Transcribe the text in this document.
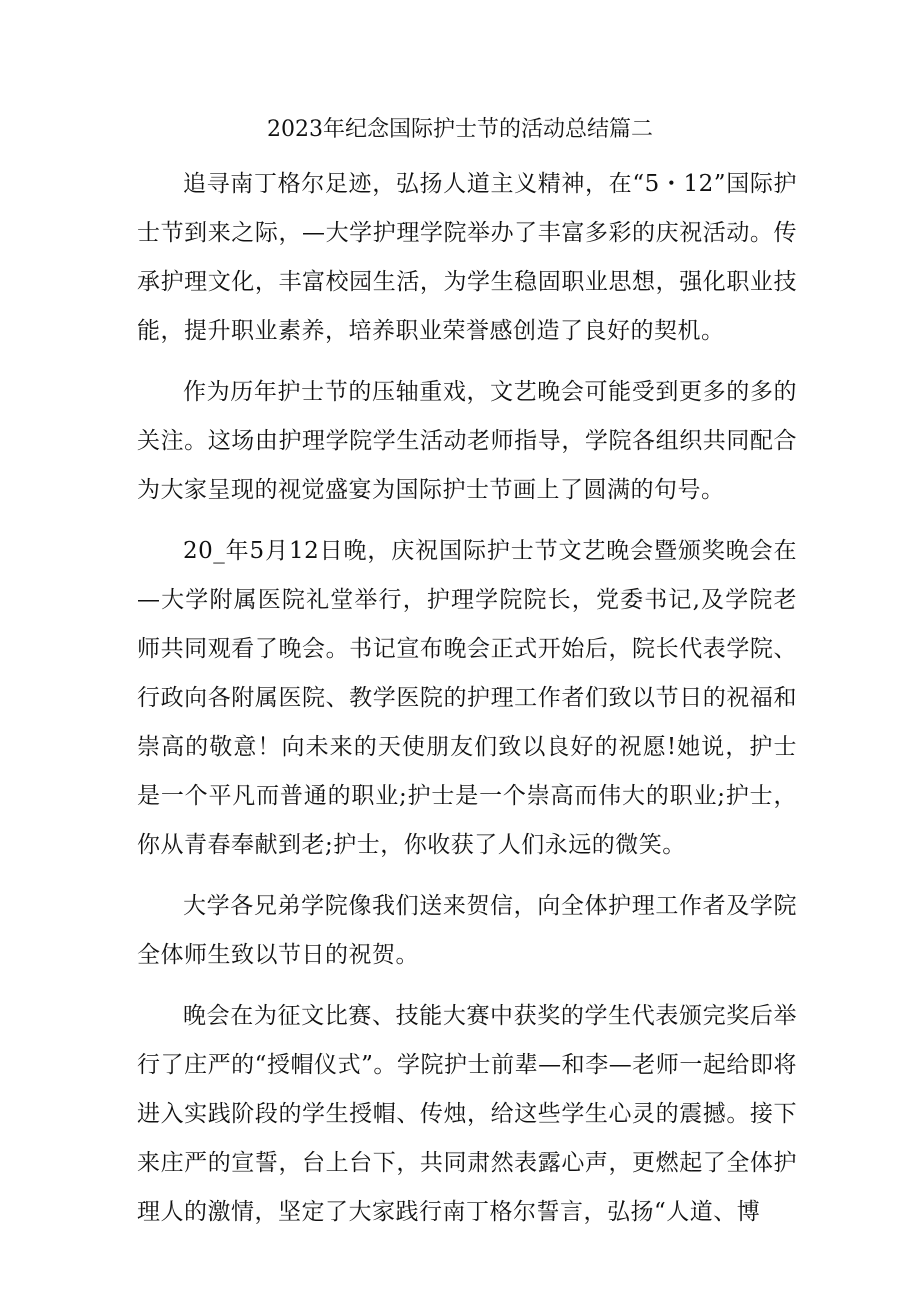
2023年纪念国际护士节的活动总结篇二

追寻南丁格尔足迹，弘扬人道主义精神，在“5・12”国际护士节到来之际，—大学护理学院举办了丰富多彩的庆祝活动。传承护理文化，丰富校园生活，为学生稳固职业思想，强化职业技能，提升职业素养，培养职业荣誉感创造了良好的契机。

作为历年护士节的压轴重戏，文艺晚会可能受到更多的多的关注。这场由护理学院学生活动老师指导，学院各组织共同配合为大家呈现的视觉盛宴为国际护士节画上了圆满的句号。

20_年5月12日晚，庆祝国际护士节文艺晚会暨颁奖晚会在—大学附属医院礼堂举行，护理学院院长，党委书记,及学院老师共同观看了晚会。书记宣布晚会正式开始后，院长代表学院、行政向各附属医院、教学医院的护理工作者们致以节日的祝福和崇高的敬意！向未来的天使朋友们致以良好的祝愿!她说，护士是一个平凡而普通的职业;护士是一个崇高而伟大的职业;护士，你从青春奉献到老;护士，你收获了人们永远的微笑。

大学各兄弟学院像我们送来贺信，向全体护理工作者及学院全体师生致以节日的祝贺。

晚会在为征文比赛、技能大赛中获奖的学生代表颁完奖后举行了庄严的“授帽仪式”。学院护士前辈—和李—老师一起给即将进入实践阶段的学生授帽、传烛，给这些学生心灵的震撼。接下来庄严的宣誓，台上台下，共同肃然表露心声，更燃起了全体护理人的激情，坚定了大家践行南丁格尔誓言，弘扬“人道、博
